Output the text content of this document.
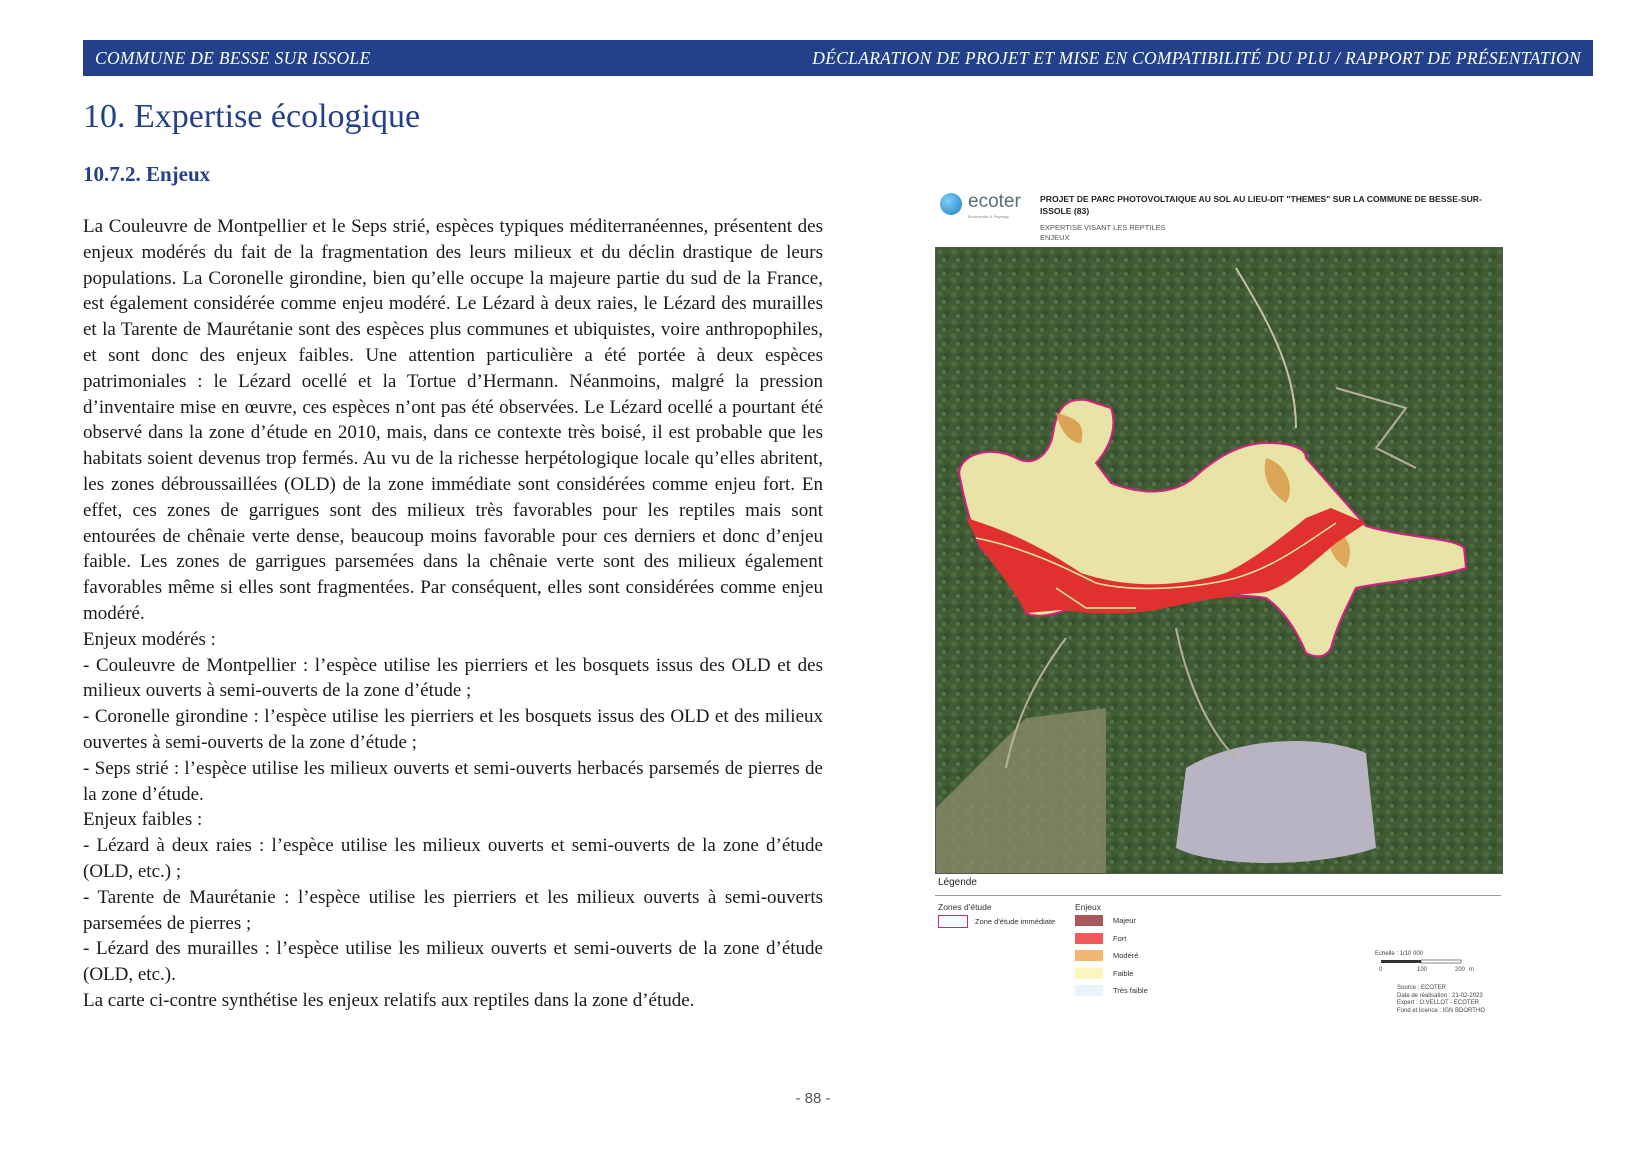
COMMUNE DE BESSE SUR ISSOLE	DÉCLARATION DE PROJET ET MISE EN COMPATIBILITÉ DU PLU / RAPPORT DE PRÉSENTATION
10. Expertise écologique
10.7.2. Enjeux

La Couleuvre de Montpellier et le Seps strié, espèces typiques méditerranéennes, présentent des enjeux modérés du fait de la fragmentation des leurs milieux et du déclin drastique de leurs populations. La Coronelle girondine, bien qu’elle occupe la majeure partie du sud de la France, est également considérée comme enjeu modéré. Le Lézard à deux raies, le Lézard des murailles et la Tarente de Maurétanie sont des espèces plus communes et ubiquistes, voire anthropophiles, et sont donc des enjeux faibles. Une attention particulière a été portée à deux espèces patrimoniales : le Lézard ocellé et la Tortue d’Hermann. Néanmoins, malgré la pression d’inventaire mise en œuvre, ces espèces n’ont pas été observées. Le Lézard ocellé a pourtant été observé dans la zone d’étude en 2010, mais, dans ce contexte très boisé, il est probable que les habitats soient devenus trop fermés. Au vu de la richesse herpétologique locale qu’elles abritent, les zones débroussaillées (OLD) de la zone immédiate sont considérées comme enjeu fort. En effet, ces zones de garrigues sont des milieux très favorables pour les reptiles mais sont entourées de chênaie verte dense, beaucoup moins favorable pour ces derniers et donc d’enjeu faible. Les zones de garrigues parsemées dans la chênaie verte sont des milieux également favorables même si elles sont fragmentées. Par conséquent, elles sont considérées comme enjeu modéré.

Enjeux modérés :

- Couleuvre de Montpellier : l’espèce utilise les pierriers et les bosquets issus des OLD et des milieux ouverts à semi-ouverts de la zone d’étude ;

- Coronelle girondine : l’espèce utilise les pierriers et les bosquets issus des OLD et des milieux ouvertes à semi-ouverts de la zone d’étude ;

- Seps strié : l’espèce utilise les milieux ouverts et semi-ouverts herbacés parsemés de pierres de la zone d’étude.

Enjeux faibles :

- Lézard à deux raies : l’espèce utilise les milieux ouverts et semi-ouverts de la zone d’étude (OLD, etc.) ;

- Tarente de Maurétanie : l’espèce utilise les pierriers et les milieux ouverts à semi-ouverts parsemées de pierres ;

- Lézard des murailles : l’espèce utilise les milieux ouverts et semi-ouverts de la zone d’étude (OLD, etc.).

La carte ci-contre synthétise les enjeux relatifs aux reptiles dans la zone d’étude.

ecoter
Biodiversité & Paysage
PROJET DE PARC PHOTOVOLTAIQUE AU SOL AU LIEU-DIT "THEMES" SUR LA COMMUNE DE BESSE-SUR-ISSOLE (83)
EXPERTISE VISANT LES REPTILES
ENJEUX
Légende
Zones d'étude
Zone d'étude immédiate
Enjeux
Majeur
Fort
Modéré
Faible
Très faible
Echelle : 1/10 000
0	100	200 m
Source : ECOTER
Date de réalisation : 21-02-2023
Expert : O.VELLOT - ECOTER
Fond et licence : IGN BDORTHO
- 88 -
